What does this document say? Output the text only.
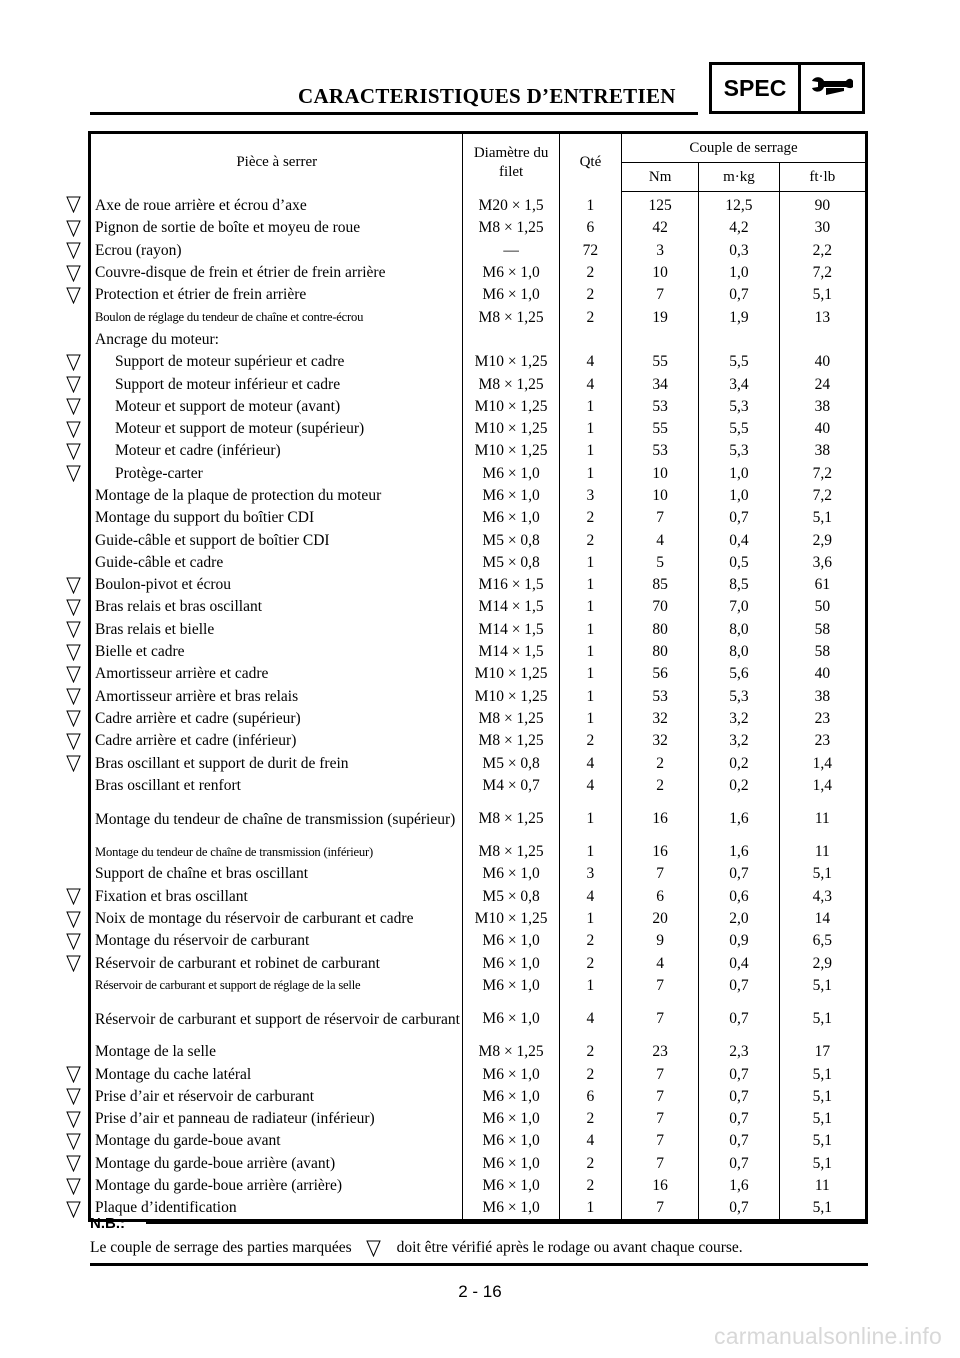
CARACTERISTIQUES D’ENTRETIEN	SPEC
Pièce à serrer	Diamètre du filet	Qté	Couple de serrage		
			Nm	m·kg	ft·lb
Axe de roue arrière et écrou d’axe	M20 × 1,5	1	125	12,5	90
Pignon de sortie de boîte et moyeu de roue	M8 × 1,25	6	42	4,2	30
Ecrou (rayon)	—	72	3	0,3	2,2
Couvre-disque de frein et étrier de frein arrière	M6 × 1,0	2	10	1,0	7,2
Protection et étrier de frein arrière	M6 × 1,0	2	7	0,7	5,1
Boulon de réglage du tendeur de chaîne et contre-écrou	M8 × 1,25	2	19	1,9	13
Ancrage du moteur:					
Support de moteur supérieur et cadre	M10 × 1,25	4	55	5,5	40
Support de moteur inférieur et cadre	M8 × 1,25	4	34	3,4	24
Moteur et support de moteur (avant)	M10 × 1,25	1	53	5,3	38
Moteur et support de moteur (supérieur)	M10 × 1,25	1	55	5,5	40
Moteur et cadre (inférieur)	M10 × 1,25	1	53	5,3	38
Protège-carter	M6 × 1,0	1	10	1,0	7,2
Montage de la plaque de protection du moteur	M6 × 1,0	3	10	1,0	7,2
Montage du support du boîtier CDI	M6 × 1,0	2	7	0,7	5,1
Guide-câble et support de boîtier CDI	M5 × 0,8	2	4	0,4	2,9
Guide-câble et cadre	M5 × 0,8	1	5	0,5	3,6
Boulon-pivot et écrou	M16 × 1,5	1	85	8,5	61
Bras relais et bras oscillant	M14 × 1,5	1	70	7,0	50
Bras relais et bielle	M14 × 1,5	1	80	8,0	58
Bielle et cadre	M14 × 1,5	1	80	8,0	58
Amortisseur arrière et cadre	M10 × 1,25	1	56	5,6	40
Amortisseur arrière et bras relais	M10 × 1,25	1	53	5,3	38
Cadre arrière et cadre (supérieur)	M8 × 1,25	1	32	3,2	23
Cadre arrière et cadre (inférieur)	M8 × 1,25	2	32	3,2	23
Bras oscillant et support de durit de frein	M5 × 0,8	4	2	0,2	1,4
Bras oscillant et renfort	M4 × 0,7	4	2	0,2	1,4
Montage du tendeur de chaîne de transmission (supérieur)	M8 × 1,25	1	16	1,6	11
Montage du tendeur de chaîne de transmission (inférieur)	M8 × 1,25	1	16	1,6	11
Support de chaîne et bras oscillant	M6 × 1,0	3	7	0,7	5,1
Fixation et bras oscillant	M5 × 0,8	4	6	0,6	4,3
Noix de montage du réservoir de carburant et cadre	M10 × 1,25	1	20	2,0	14
Montage du réservoir de carburant	M6 × 1,0	2	9	0,9	6,5
Réservoir de carburant et robinet de carburant	M6 × 1,0	2	4	0,4	2,9
Réservoir de carburant et support de réglage de la selle	M6 × 1,0	1	7	0,7	5,1
Réservoir de carburant et support de réservoir de carburant	M6 × 1,0	4	7	0,7	5,1
Montage de la selle	M8 × 1,25	2	23	2,3	17
Montage du cache latéral	M6 × 1,0	2	7	0,7	5,1
Prise d’air et réservoir de carburant	M6 × 1,0	6	7	0,7	5,1
Prise d’air et panneau de radiateur (inférieur)	M6 × 1,0	2	7	0,7	5,1
Montage du garde-boue avant	M6 × 1,0	4	7	0,7	5,1
Montage du garde-boue arrière (avant)	M6 × 1,0	2	7	0,7	5,1
Montage du garde-boue arrière (arrière)	M6 × 1,0	2	16	1,6	11
Plaque d’identification	M6 × 1,0	1	7	0,7	5,1
N.B.:
Le couple de serrage des parties marquées	doit être vérifié après le rodage ou avant chaque course.
2 - 16
carmanualsonline.info
